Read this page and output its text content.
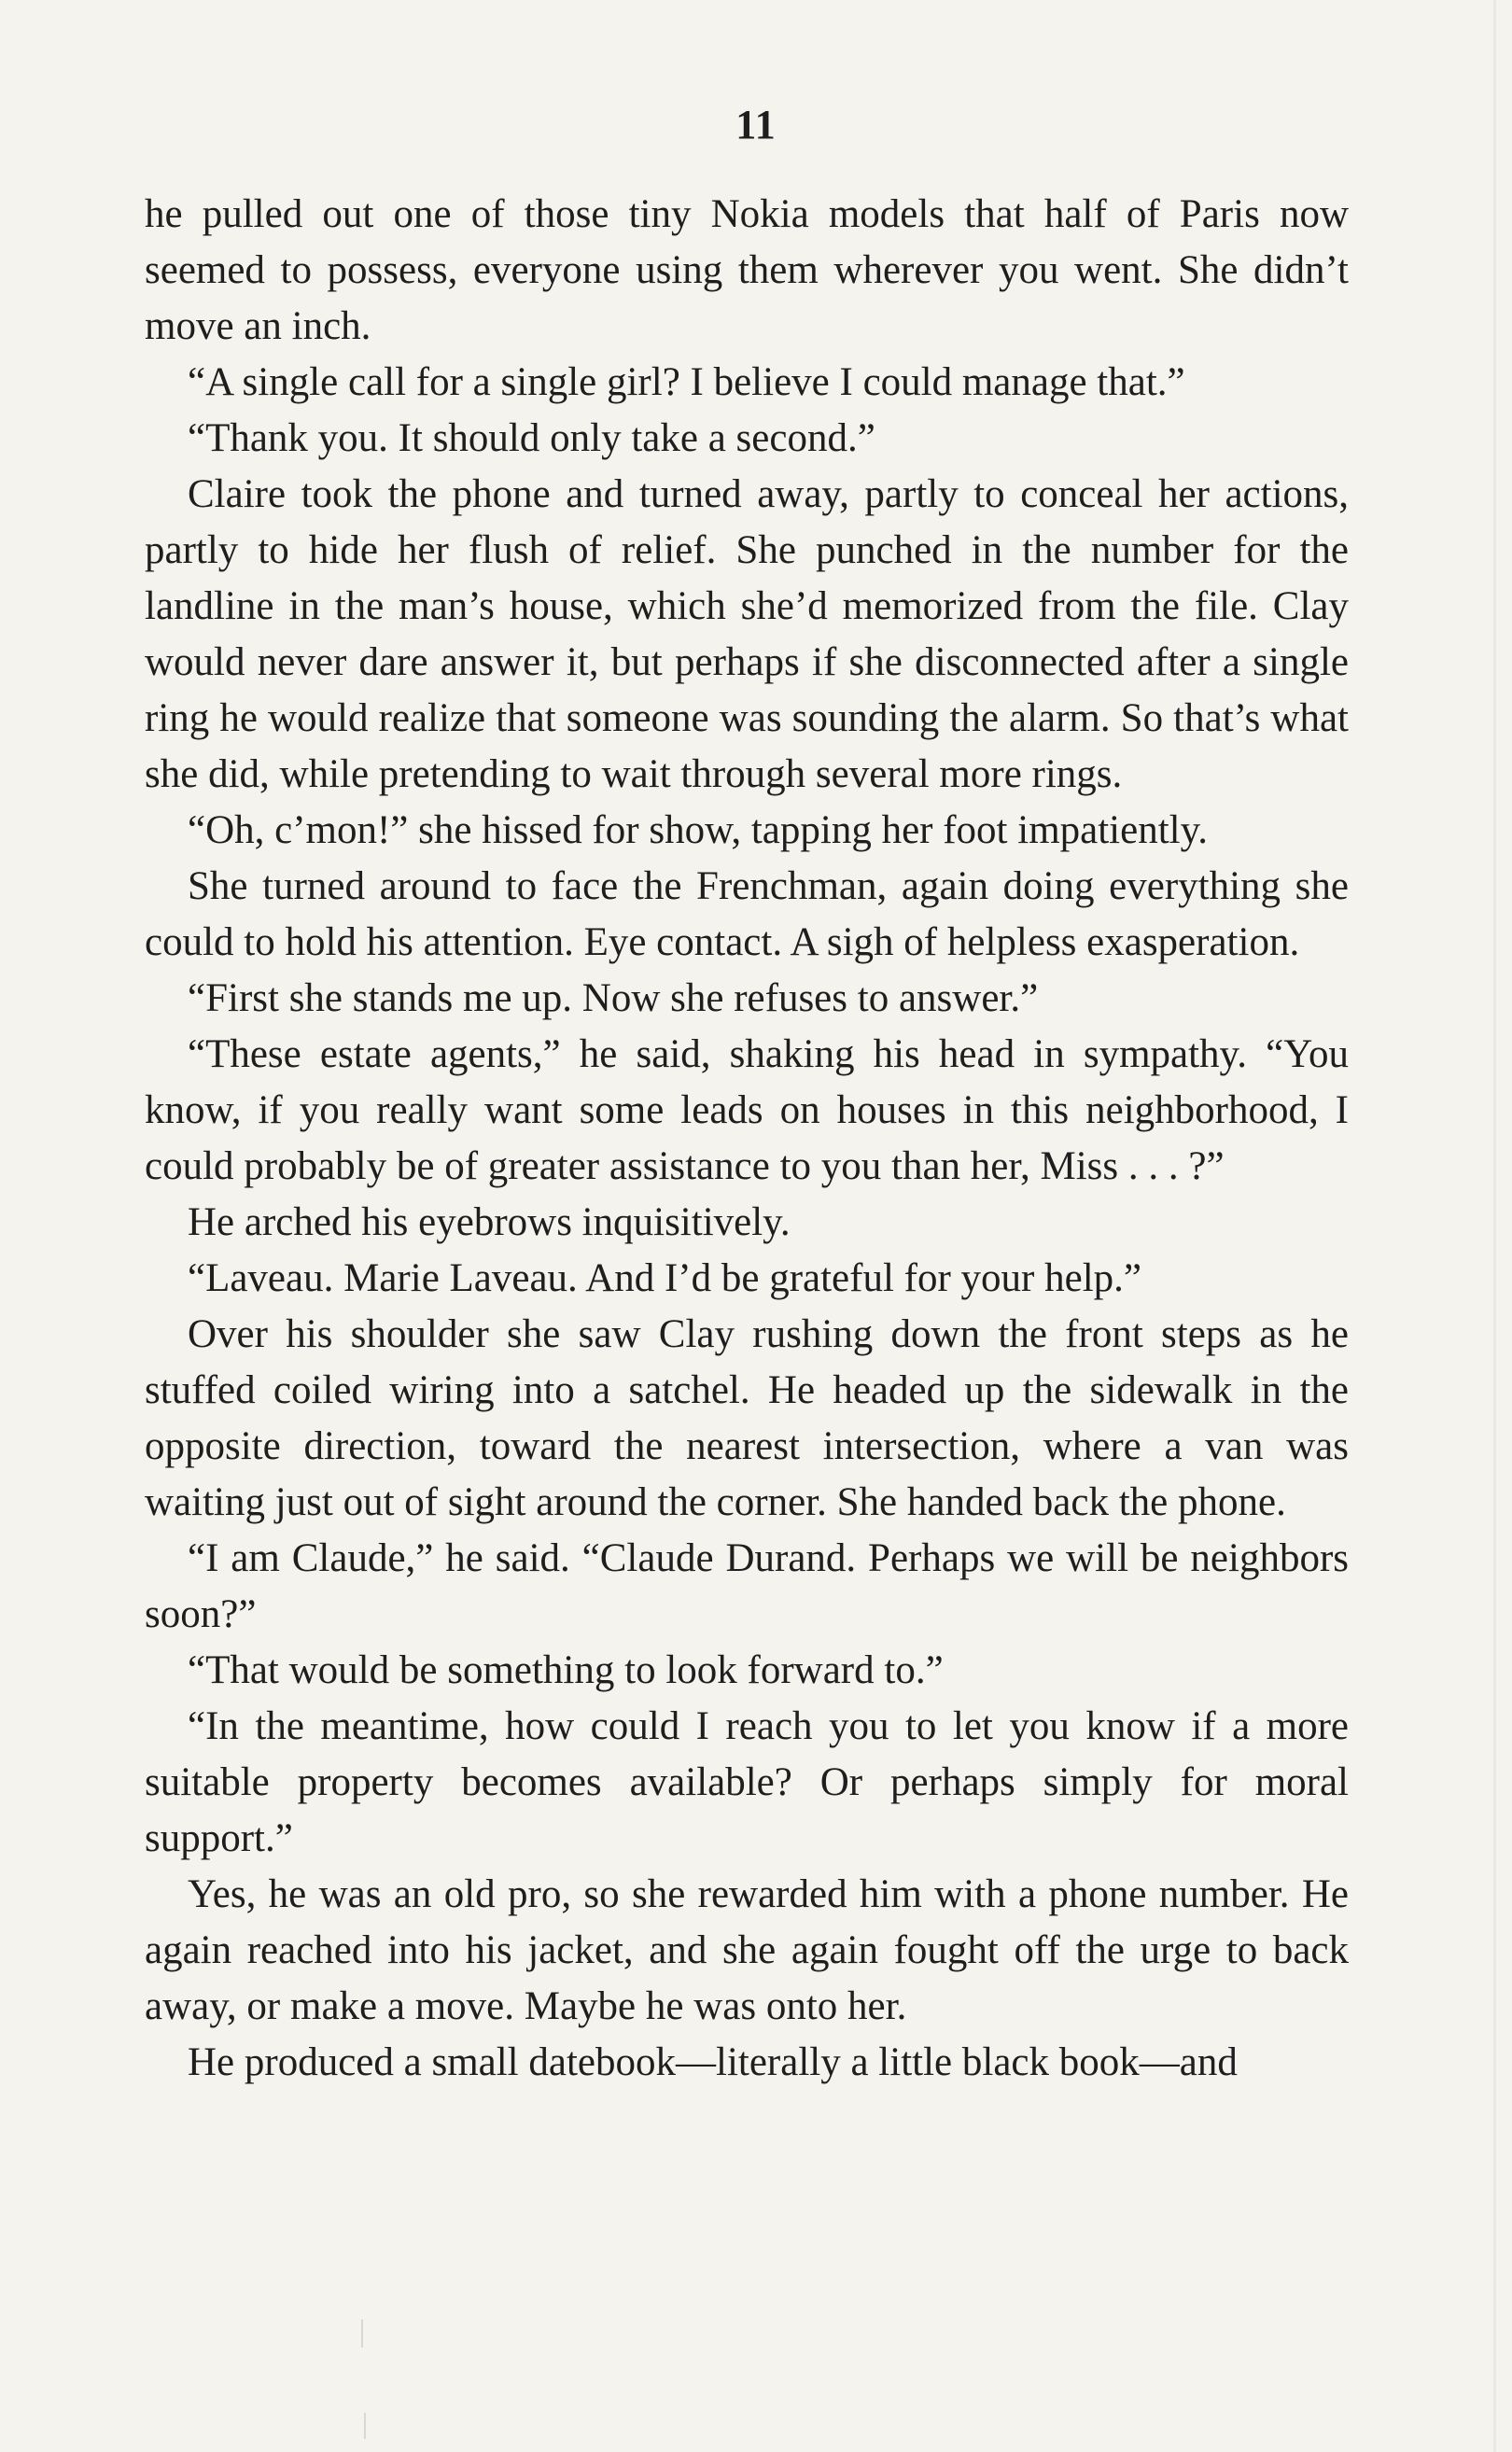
11

he pulled out one of those tiny Nokia models that half of Paris now seemed to possess, everyone using them wherever you went. She didn’t move an inch.

“A single call for a single girl? I believe I could manage that.”

“Thank you. It should only take a second.”

Claire took the phone and turned away, partly to conceal her actions, partly to hide her flush of relief. She punched in the number for the landline in the man’s house, which she’d memorized from the file. Clay would never dare answer it, but perhaps if she disconnected after a single ring he would realize that someone was sounding the alarm. So that’s what she did, while pretending to wait through several more rings.

“Oh, c’mon!” she hissed for show, tapping her foot impatiently.

She turned around to face the Frenchman, again doing everything she could to hold his attention. Eye contact. A sigh of helpless exasperation.

“First she stands me up. Now she refuses to answer.”

“These estate agents,” he said, shaking his head in sympathy. “You know, if you really want some leads on houses in this neighborhood, I could probably be of greater assistance to you than her, Miss . . . ?”

He arched his eyebrows inquisitively.

“Laveau. Marie Laveau. And I’d be grateful for your help.”

Over his shoulder she saw Clay rushing down the front steps as he stuffed coiled wiring into a satchel. He headed up the sidewalk in the opposite direction, toward the nearest intersection, where a van was waiting just out of sight around the corner. She handed back the phone.

“I am Claude,” he said. “Claude Durand. Perhaps we will be neighbors soon?”

“That would be something to look forward to.”

“In the meantime, how could I reach you to let you know if a more suitable property becomes available? Or perhaps simply for moral support.”

Yes, he was an old pro, so she rewarded him with a phone number. He again reached into his jacket, and she again fought off the urge to back away, or make a move. Maybe he was onto her.

He produced a small datebook—literally a little black book—and
